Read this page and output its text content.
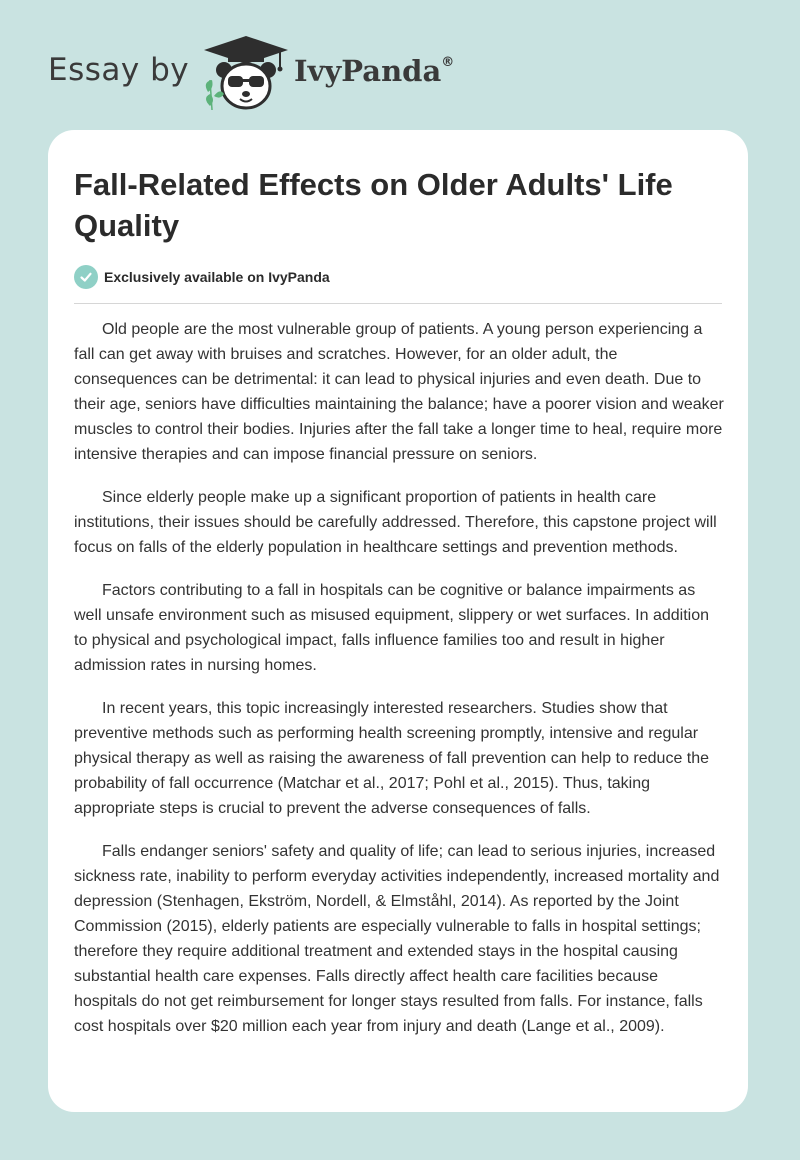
Essay by	IvyPanda®
Fall-Related Effects on Older Adults' Life Quality
Exclusively available on IvyPanda

Old people are the most vulnerable group of patients. A young person experiencing a fall can get away with bruises and scratches. However, for an older adult, the consequences can be detrimental: it can lead to physical injuries and even death. Due to their age, seniors have difficulties maintaining the balance; have a poorer vision and weaker muscles to control their bodies. Injuries after the fall take a longer time to heal, require more intensive therapies and can impose financial pressure on seniors.

Since elderly people make up a significant proportion of patients in health care institutions, their issues should be carefully addressed. Therefore, this capstone project will focus on falls of the elderly population in healthcare settings and prevention methods.

Factors contributing to a fall in hospitals can be cognitive or balance impairments as well unsafe environment such as misused equipment, slippery or wet surfaces. In addition to physical and psychological impact, falls influence families too and result in higher admission rates in nursing homes.

In recent years, this topic increasingly interested researchers. Studies show that preventive methods such as performing health screening promptly, intensive and regular physical therapy as well as raising the awareness of fall prevention can help to reduce the probability of fall occurrence (Matchar et al., 2017; Pohl et al., 2015). Thus, taking appropriate steps is crucial to prevent the adverse consequences of falls.

Falls endanger seniors' safety and quality of life; can lead to serious injuries, increased sickness rate, inability to perform everyday activities independently, increased mortality and depression (Stenhagen, Ekström, Nordell, & Elmståhl, 2014). As reported by the Joint Commission (2015), elderly patients are especially vulnerable to falls in hospital settings; therefore they require additional treatment and extended stays in the hospital causing substantial health care expenses. Falls directly affect health care facilities because hospitals do not get reimbursement for longer stays resulted from falls. For instance, falls cost hospitals over $20 million each year from injury and death (Lange et al., 2009).
